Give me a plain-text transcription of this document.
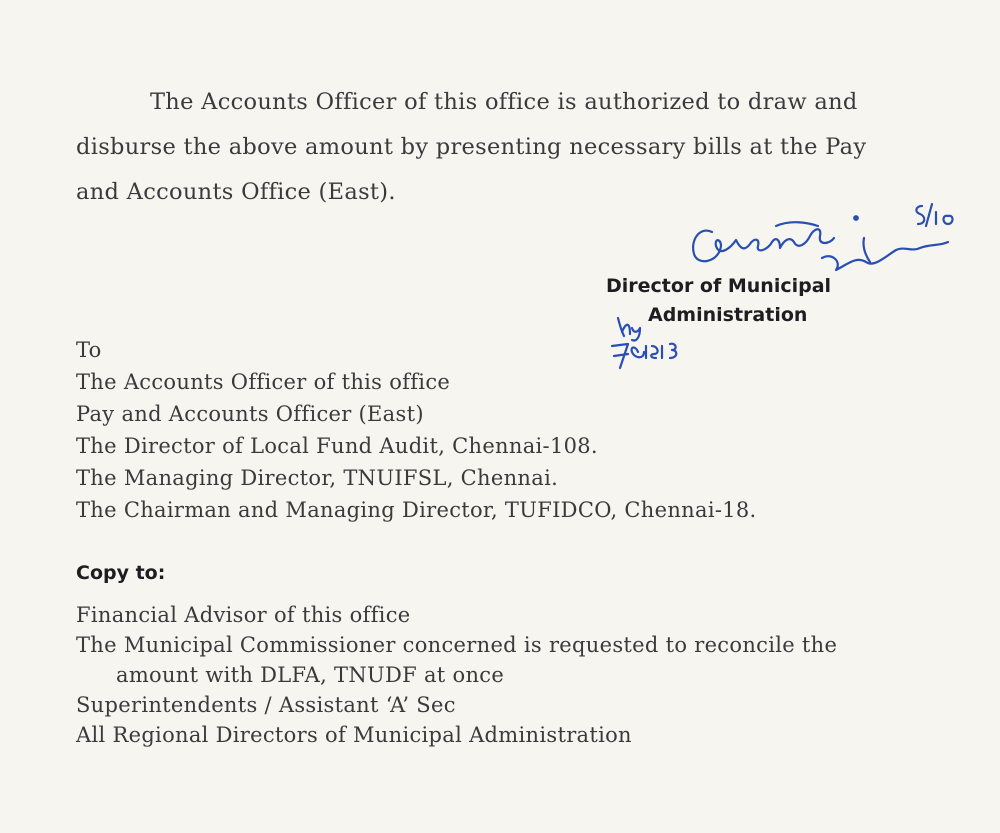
The Accounts Officer of this office is authorized to draw and
disburse the above amount by presenting necessary bills at the Pay
and Accounts Office (East).
Director of Municipal
Administration
To
The Accounts Officer of this office
Pay and Accounts Officer (East)
The Director of Local Fund Audit, Chennai-108.
The Managing Director, TNUIFSL, Chennai.
The Chairman and Managing Director, TUFIDCO, Chennai-18.
Copy to:
Financial Advisor of this office
The Municipal Commissioner concerned is requested to reconcile the
amount with DLFA, TNUDF at once
Superintendents / Assistant ‘A’ Sec
All Regional Directors of Municipal Administration
